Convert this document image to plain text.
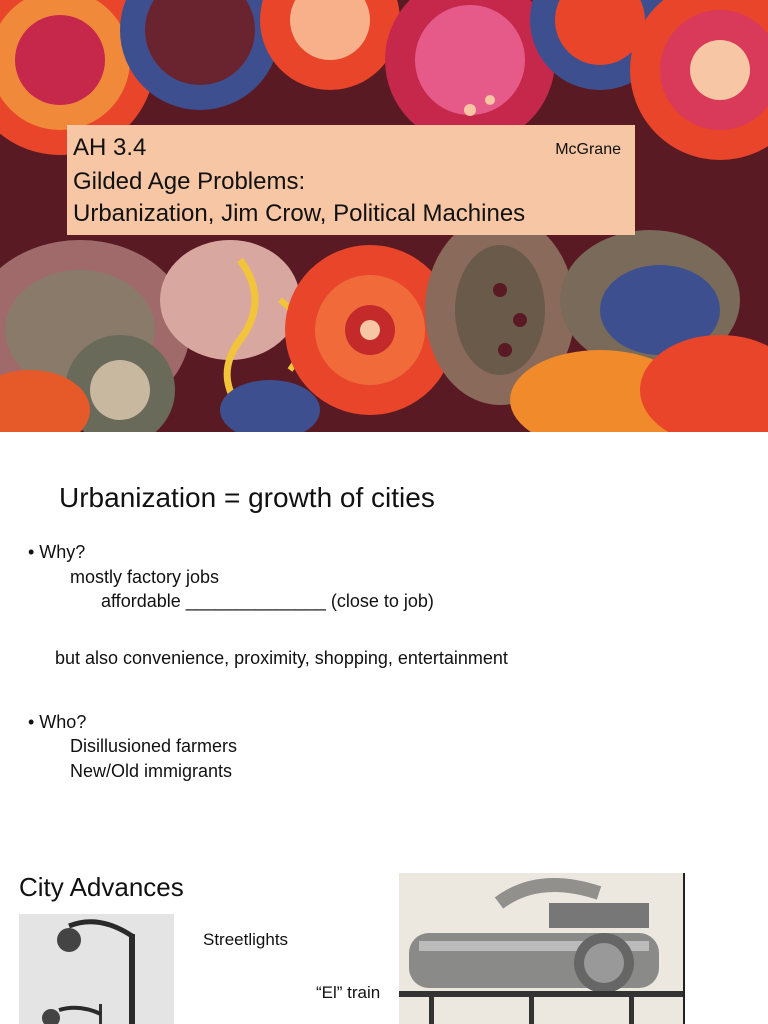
AH 3.4
Gilded Age Problems:
Urbanization, Jim Crow, Political Machines
McGrane
Urbanization = growth of cities
• Why?
mostly factory jobs
affordable ______________ (close to job)
but also convenience, proximity, shopping, entertainment
• Who?
Disillusioned farmers
New/Old immigrants
City Advances
Streetlights
“El” train
